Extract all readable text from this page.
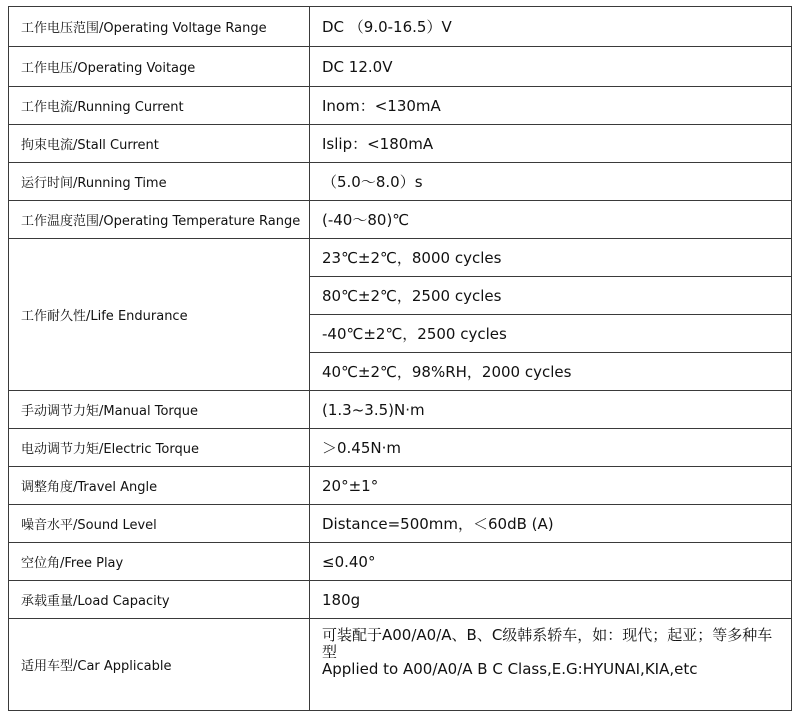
工作电压范围/Operating Voltage Range	DC （9.0-16.5）V
工作电压/Operating Voitage	DC 12.0V
工作电流/Running Current	Inom：<130mA
拘束电流/Stall Current	Islip：<180mA
运行时间/Running Time	（5.0～8.0）s
工作温度范围/Operating Temperature Range	(-40～80)℃
工作耐久性/Life Endurance	23℃±2℃，8000 cycles
	80℃±2℃，2500 cycles
	-40℃±2℃，2500 cycles
	40℃±2℃，98%RH，2000 cycles
手动调节力矩/Manual Torque	(1.3~3.5)N·m
电动调节力矩/Electric Torque	＞0.45N·m
调整角度/Travel Angle	20°±1°
噪音水平/Sound Level	Distance=500mm，＜60dB (A)
空位角/Free Play	≤0.40°
承载重量/Load Capacity	180g
适用车型/Car Applicable	可装配于A00/A0/A、B、C级韩系轿车，如：现代；起亚；等多种车型
Applied to A00/A0/A B C Class,E.G:HYUNAI,KIA,etc
